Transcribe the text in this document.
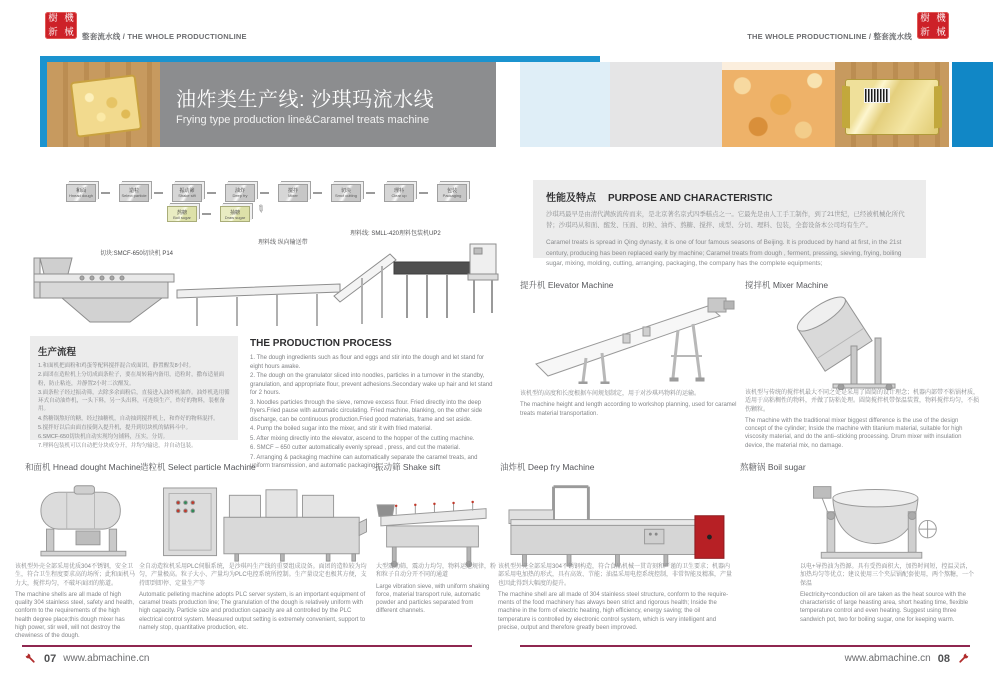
樹 機
新 械 整套流水线 / THE WHOLE PRODUCTIONLINE	THE WHOLE PRODUCTIONLINE / 整套流水线
樹 機
新 械
油炸类生产线: 沙琪玛流水线
Frying type production line&Caramel treats machine
和面
Hnead dough
造粒
Select particle
振动筛
Shake sift
油炸
Deep fry
搅拌
Mixer
切块
Smcf cutting
理料
Clear up
包装
Packaging
熬糖
Boil sugar
抽糖
Draw sugar
✎
切块:SMCF-650切块机 P14
理料线 纵向输送带
理料线: SMLL-420理料包装机UP2
生产流程
1.和面机把面粉和鸡蛋等配料搅拌混合成面团，静置醒发8小时。
2.面团在造粒机上分切成面条粒子，要在周转箱内备用，造粒时，撒布适量面粉，防止粘连，并静置2小时二次醒发。
3.面条粒子经过振动筛，去除多余面粉后，直接进入油炸机油炸。油炸机选用循环式自动油炸机，一头下料，另一头出料，可连续生产，炸好的物料，装框备用。
4.熬糖锅熬好的糖，经过抽糖机，自动抽到搅拌机上，和炸好的物料混拌。
5.搅拌好以后由面直接倒入提升机，提升到切块机的储料斗中。
6.SMCF-650切块机自动实现均匀铺料，压实，分切。
7.理料包装机可以自动把分块成分开，并均匀输送，并自动包装。
THE PRODUCTION PROCESS
1. The dough ingredients such as flour and eggs and stir into the dough and let stand for eight hours awake.
2. The dough on the granulator sliced into noodles, particles in a turnover in the standby, granulation, and appropriate flour, prevent adhesions.Secondary wake up hair and let stand for 2 hours.
3. Noodles particles through the sieve, remove excess flour. Fried directly into the deep fryers.Fried pause with automatic circulating. Fried machine, blanking, on the other side discharge, can be continuous production.Fried good materials, frame and set aside.
4. Pump the boiled sugar into the mixer, and stir it with fried material.
5. After mixing directly into the elevator, ascend to the hopper of the cutting machine.
6. SMCF – 650 cutter automatically evenly spread , press, and cut the material.
7. Arranging & packaging machine can automatically separate the caramel treats, and uniform transmission, and automatic packaging.
性能及特点 PURPOSE AND CHARACTERISTIC
沙琪玛最早是由清代满族流传而来，是北京著名京式四季糕点之一。它最先是由人工手工制作，到了21世纪，已经被机械化所代替；沙琪玛从和面、醒发、压面、切粒、油炸、熬糖、搅拌、成型、分切、理料、包装，全套设备本公司均有生产。
Caramel treats is spread in Qing dynasty, it is one of four famous seasons of Beijing. It is produced by hand at first, in the 21st century, producing has been replaced early by machine; Caramel treats from dough , ferment, pressing, sieving, frying, boiling sugar, mixing, molding, cutting, arranging, packaging, the company has the complete equipments;
提升机 Elevator Machine
该机型的高度和长度根据车间规划制定，用于对沙琪玛物料的运输。
The machine height and length according to workshop planning, used for caramel treats material transportation.
搅拌机 Mixer Machine
该机型与传统的搅拌机最大不同之处是采用了圆筒的设计理念；机器内部带不粘锅材质，适用于高粘稠性的物料，并做了防粘处理。圆筒搅拌机带保温装置，物料搅拌均匀，不损伤颗粒。
The machine with the traditional mixer biggest difference is the use of the design concept of the cylinder; Inside the machine with titanium material, suitable for high viscosity material, and do the anti–sticking processing. Drum mixer with insulation device, the material mix, no damage.
和面机 Hnead dought Machine
该机型外壳全部采用优质304不锈钢，安全卫生，符合卫生程度要求高的场所；此和面机马力大，搅拌均匀，不破坏面团的筋道。
The machine shells are all made of high quality 304 stainless steel, safety and health, conform to the requirements of the high health degree place;this dough mixer has high power, stir well, will not destroy the chewiness of the dough.
造粒机 Select particle Machine
全自动造粒机采用PLC伺服系统，是沙琪玛生产线的重要组成设备。面团的造粒较为均匀，产量极高。粒子大小、产量均为PLC电控系统所控制。生产量设定也极其方便，支持即到即停、定量生产等
Automatic pelleting machine adopts PLC server system, is an important equipment of caramel treats production line; The granulation of the dough is relatively uniform with high capacity. Particle size and production capacity are all controlled by the PLC electrical control system. Measured output setting is extremely convenient, support to namely stop, quantitative production, etc.
振动筛 Shake sift
大型震动筛，震动力均匀，物料运送规律，粉和粒子自动分开不同的通道
Large vibration sieve, with uniform shaking force, material transport rule, automatic powder and particles separated from different channels.
油炸机 Deep fry Machine
该机型外壳全部采用304不锈钢构造，符合食品机械一贯苛刻和严谨的卫生要求；机器内部采用电加热的形式，具有高效、节能；油温采用电控系统控制，非常智能及精准，产量也因此得到大幅度的提升。
The machine shell are all made of 304 stainless steel structure, conform to the require-ments of the food machinery has always been strict and rigorous health; Inside the machine in the form of electric heating, high efficiency, energy saving; the oil temperature is controlled by electronic control system, which is very intelligent and precise, output and therefore greatly been improved.
熬糖锅 Boil sugar
以电+导热油为热源。具有受热面积大，加热时间短，控温灵活，加热均匀等优点；建议使用三个夹层锅配套使用，两个熬糖，一个保温
Electricity+conduction oil are taken as the heat source with the characteristic of large heasting area, short heating time, flexible temperature control and even heating. Suggest using three sandwich pot, two for boiling sugar, one for keeping warm.
07 www.abmachine.cn	www.abmachine.cn 08
